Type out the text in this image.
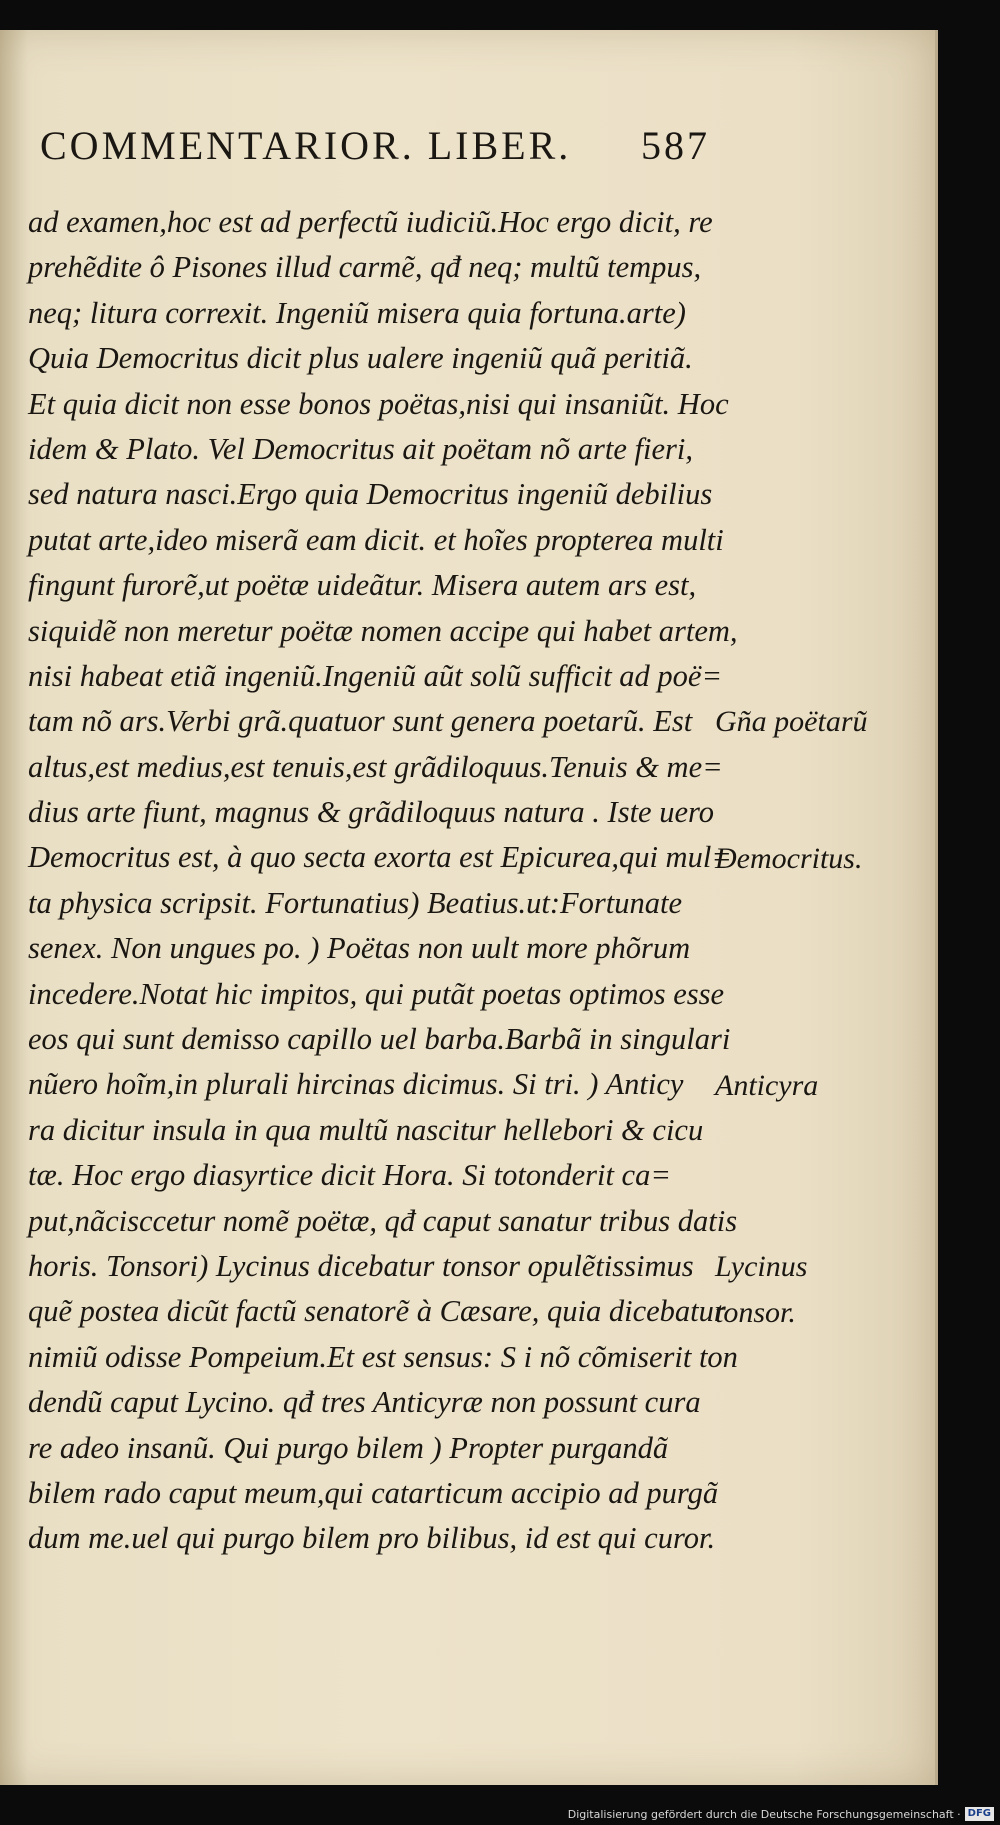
COMMENTARIOR. LIBER. 587
ad examen,hoc est ad perfectũ iudiciũ.Hoc ergo dicit, re
prehẽdite ô Pisones illud carmẽ, qđ neq; multũ tempus,
neq; litura correxit. Ingeniũ misera quia fortuna.arte)
Quia Democritus dicit plus ualere ingeniũ quã peritiã.
Et quia dicit non esse bonos poëtas,nisi qui insaniũt. Hoc
idem & Plato. Vel Democritus ait poëtam nõ arte fieri,
sed natura nasci.Ergo quia Democritus ingeniũ debilius
putat arte,ideo miserã eam dicit. et hoĩes propterea multi
fingunt furorẽ,ut poëtæ uideãtur. Misera autem ars est,
siquidẽ non meretur poëtæ nomen accipe qui habet artem,
nisi habeat etiã ingeniũ.Ingeniũ aũt solũ sufficit ad poë=
tam nõ ars.Verbi grã.quatuor sunt genera poetarũ. Est
altus,est medius,est tenuis,est grãdiloquus.Tenuis & me=
dius arte fiunt, magnus & grãdiloquus natura . Iste uero
Democritus est, à quo secta exorta est Epicurea,qui mul=
ta physica scripsit. Fortunatius) Beatius.ut:Fortunate
senex. Non ungues po. ) Poëtas non uult more phõrum
incedere.Notat hic impitos, qui putãt poetas optimos esse
eos qui sunt demisso capillo uel barba.Barbã in singulari
nũero hoĩm,in plurali hircinas dicimus. Si tri. ) Anticy
ra dicitur insula in qua multũ nascitur hellebori & cicu
tæ. Hoc ergo diasyrtice dicit Hora. Si totonderit ca=
put,nãcisccetur nomẽ poëtæ, qđ caput sanatur tribus datis
horis. Tonsori) Lycinus dicebatur tonsor opulẽtissimus
quẽ postea dicũt factũ senatorẽ à Cæsare, quia dicebatur
nimiũ odisse Pompeium.Et est sensus: S i nõ cõmiserit ton
dendũ caput Lycino. qđ tres Anticyræ non possunt cura
re adeo insanũ. Qui purgo bilem ) Propter purgandã
bilem rado caput meum,qui catarticum accipio ad purgã
dum me.uel qui purgo bilem pro bilibus, id est qui curor.
Gña poëtarũ
Democritus.
Anticyra
Lycinus
tonsor.
Digitalisierung gefördert durch die Deutsche Forschungsgemeinschaft · DFG
